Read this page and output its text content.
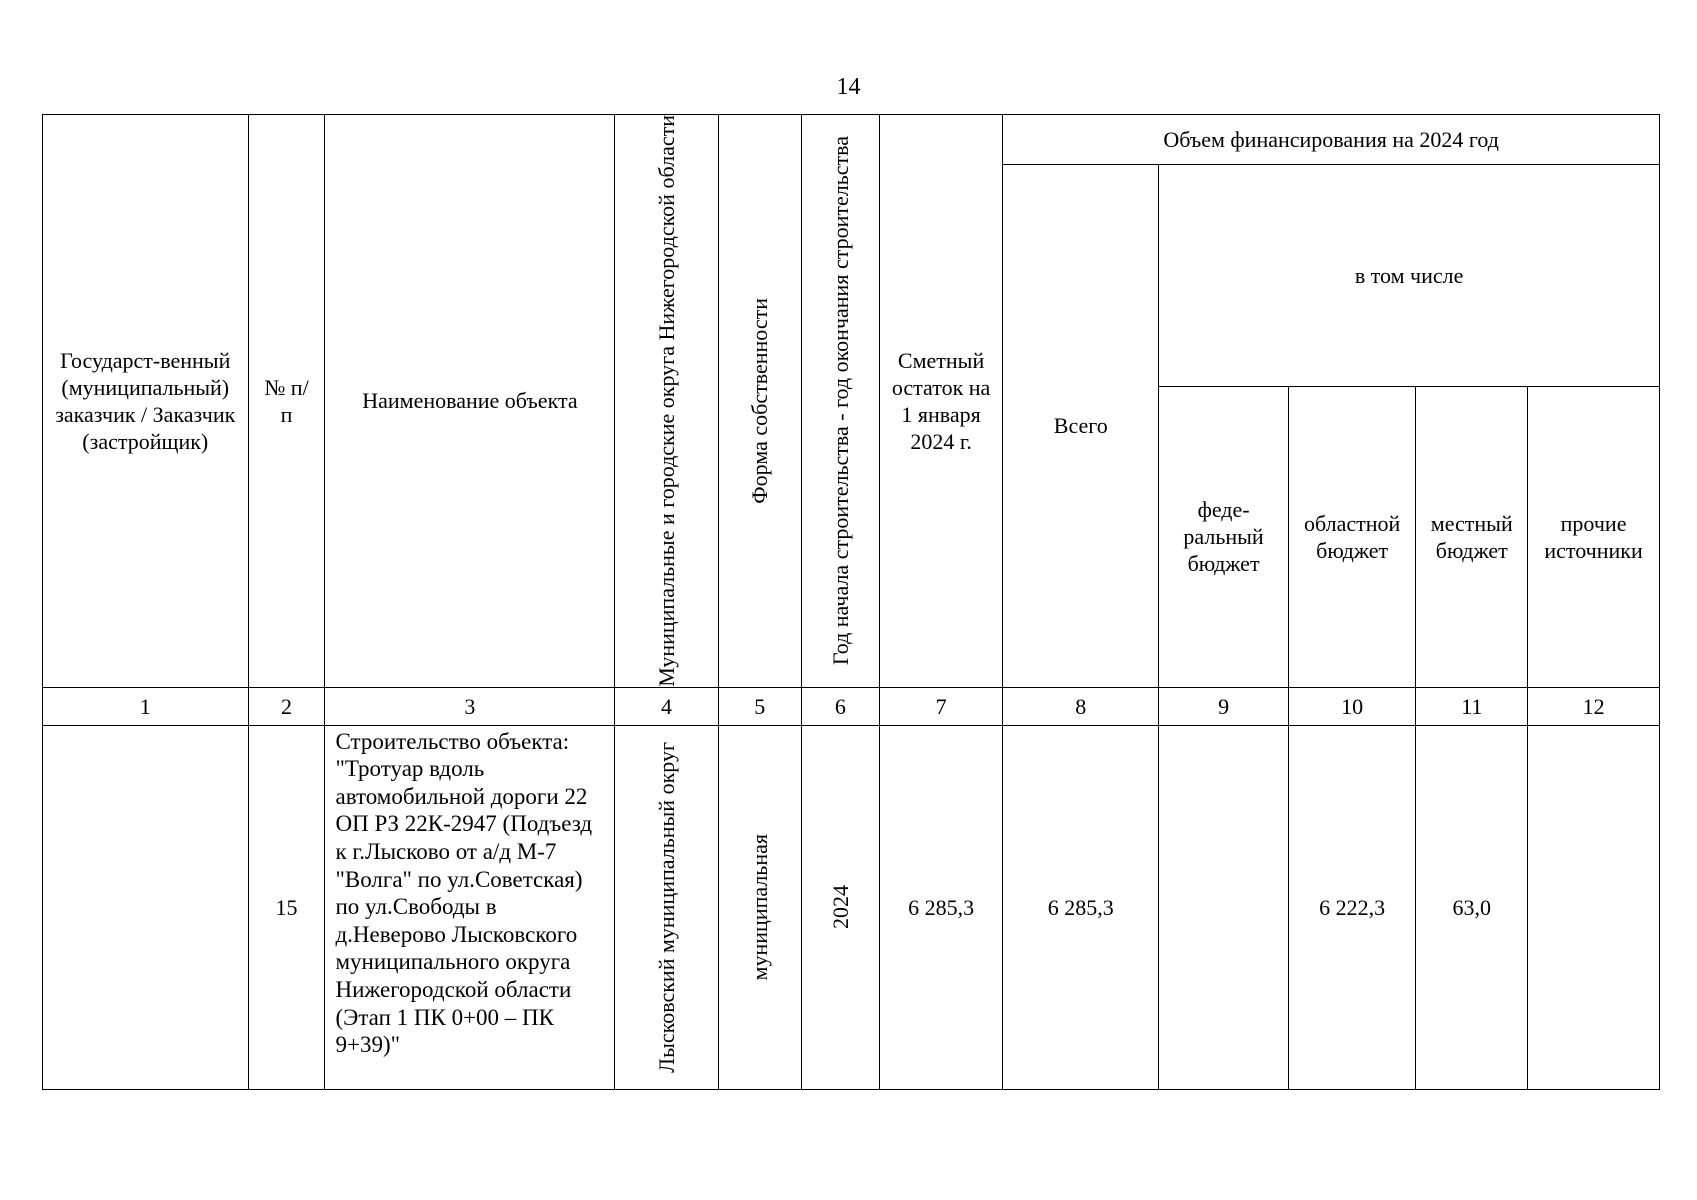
14
Государст-венный (муниципальный) заказчик / Заказчик (застройщик)	№ п/п	Наименование объекта	Муниципальные и городские округа Нижегородской области	Форма собственности	Год начала строительства - год окончания строительства	Сметный остаток на 1 января 2024 г.	Объем финансирования на 2024 год				
							Всего	в том числе			
								феде-ральный бюджет	областной бюджет	местный бюджет	прочие источники
1	2	3	4	5	6	7	8	9	10	11	12
	15	Строительство объекта: "Тротуар вдоль автомобильной дороги 22 ОП РЗ 22К-2947 (Подъезд к г.Лысково от а/д М-7 "Волга" по ул.Советская) по ул.Свободы в д.Неверово Лысковского муниципального округа Нижегородской области (Этап 1 ПК 0+00 – ПК 9+39)"	Лысковский муниципальный округ	муниципальная	2024	6 285,3	6 285,3		6 222,3	63,0	
